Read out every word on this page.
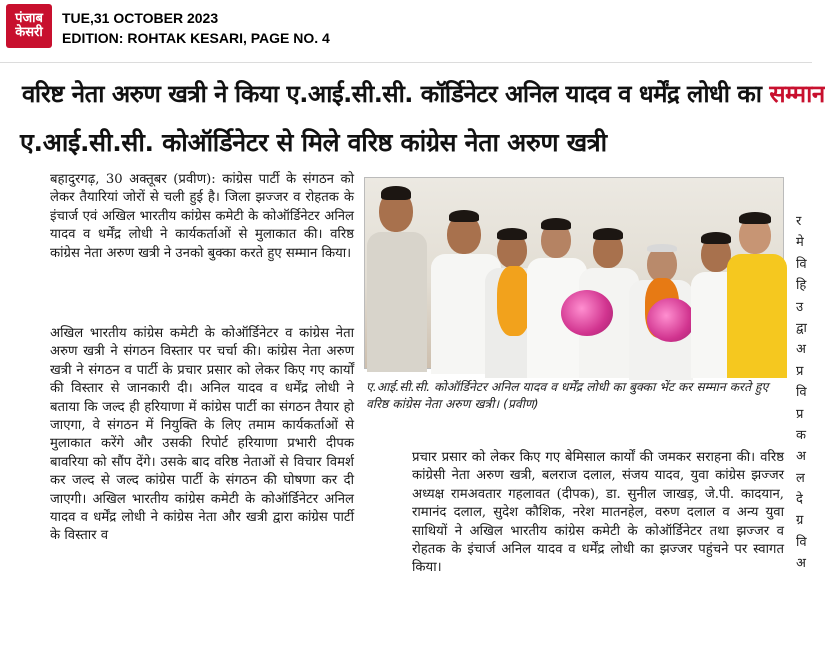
पंजाब
केसरी
TUE,31 OCTOBER 2023
EDITION: ROHTAK KESARI, PAGE NO. 4
वरिष्ट नेता अरुण खत्री ने किया ए.आई.सी.सी. कॉर्डिनेटर अनिल यादव व धर्मेंद्र लोधी का सम्मान
ए.आई.सी.सी. कोऑर्डिनेटर से मिले वरिष्ठ कांग्रेस नेता अरुण खत्री

बहादुरगढ़, 30 अक्तूबर (प्रवीण): कांग्रेस पार्टी के संगठन को लेकर तैयारियां जोरों से चली हुई है। जिला झज्जर व रोहतक के इंचार्ज एवं अखिल भारतीय कांग्रेस कमेटी के कोऑर्डिनेटर अनिल यादव व धर्मेंद्र लोधी ने कार्यकर्ताओं से मुलाकात की। वरिष्ठ कांग्रेस नेता अरुण खत्री ने उनको बुक्का करते हुए सम्मान किया।

अखिल भारतीय कांग्रेस कमेटी के कोऑर्डिनेटर व कांग्रेस नेता अरुण खत्री ने संगठन विस्तार पर चर्चा की। कांग्रेस नेता अरुण खत्री ने संगठन व पार्टी के प्रचार प्रसार को लेकर किए गए कार्यों की विस्तार से जानकारी दी। अनिल यादव व धर्मेंद्र लोधी ने बताया कि जल्द ही हरियाणा में कांग्रेस पार्टी का संगठन तैयार हो जाएगा, वे संगठन में नियुक्ति के लिए तमाम कार्यकर्ताओं से मुलाकात करेंगे और उसकी रिपोर्ट हरियाणा प्रभारी दीपक बावरिया को सौंप देंगे। उसके बाद वरिष्ठ नेताओं से विचार विमर्श कर जल्द से जल्द कांग्रेस पार्टी के संगठन की घोषणा कर दी जाएगी। अखिल भारतीय कांग्रेस कमेटी के कोऑर्डिनेटर अनिल यादव व धर्मेंद्र लोधी ने कांग्रेस नेता और खत्री द्वारा कांग्रेस पार्टी के विस्तार व

ए.आई.सी.सी. कोऑर्डिनेटर अनिल यादव व धर्मेंद्र लोधी का बुक्का भेंट कर सम्मान करते हुए वरिष्ठ कांग्रेस नेता अरुण खत्री। (प्रवीण)

प्रचार प्रसार को लेकर किए गए बेमिसाल कार्यों की जमकर सराहना की। वरिष्ठ कांग्रेसी नेता अरुण खत्री, बलराज दलाल, संजय यादव, युवा कांग्रेस झज्जर अध्यक्ष रामअवतार गहलावत (दीपक), डा. सुनील जाखड़, जे.पी. कादयान, रामानंद दलाल, सुदेश कौशिक, नरेश मातनहेल, वरुण दलाल व अन्य युवा साथियों ने अखिल भारतीय कांग्रेस कमेटी के कोऑर्डिनेटर तथा झज्जर व रोहतक के इंचार्ज अनिल यादव व धर्मेंद्र लोधी का झज्जर पहुंचने पर स्वागत किया।

र
मे
वि
हि
उ
द्वा
अ
प्र
वि
प्र
क
अ
ल
दे
ग्र
वि
अ
